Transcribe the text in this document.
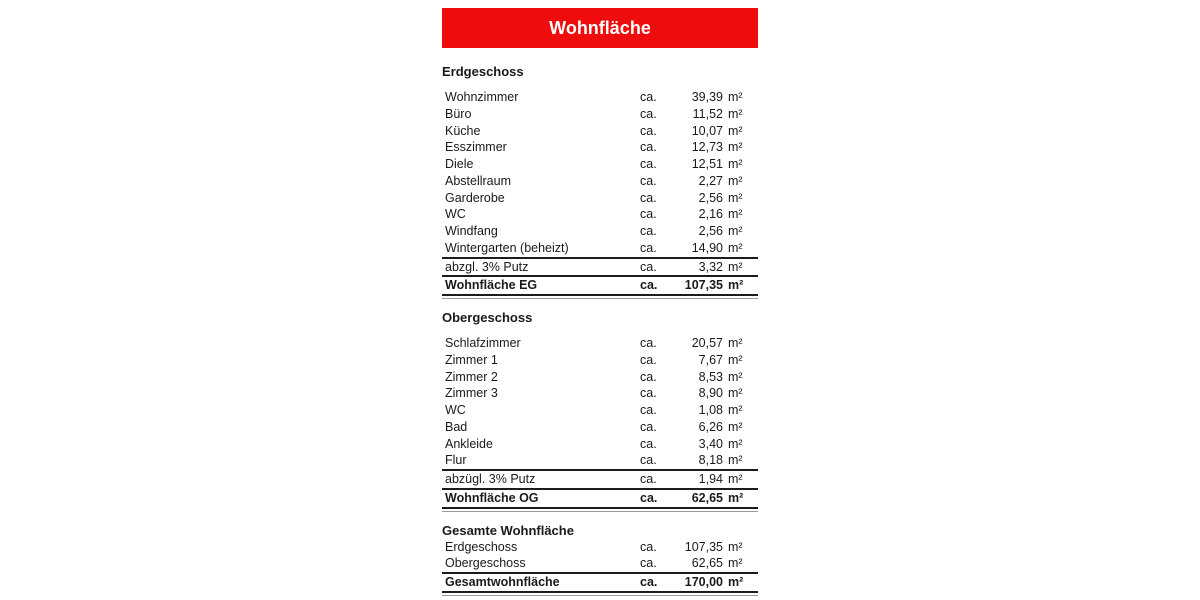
Wohnfläche
Erdgeschoss
Wohnzimmer	ca.	39,39 m²
Büro	ca.	11,52 m²
Küche	ca.	10,07 m²
Esszimmer	ca.	12,73 m²
Diele	ca.	12,51 m²
Abstellraum	ca.	2,27 m²
Garderobe	ca.	2,56 m²
WC	ca.	2,16 m²
Windfang	ca.	2,56 m²
Wintergarten (beheizt)	ca.	14,90 m²
abzgl. 3% Putz	ca.	3,32 m²
Wohnfläche EG	ca.	107,35 m²
Obergeschoss
Schlafzimmer	ca.	20,57 m²
Zimmer 1	ca.	7,67 m²
Zimmer 2	ca.	8,53 m²
Zimmer 3	ca.	8,90 m²
WC	ca.	1,08 m²
Bad	ca.	6,26 m²
Ankleide	ca.	3,40 m²
Flur	ca.	8,18 m²
abzügl. 3% Putz	ca.	1,94 m²
Wohnfläche OG	ca.	62,65 m²
Gesamte Wohnfläche
Erdgeschoss	ca.	107,35 m²
Obergeschoss	ca.	62,65 m²
Gesamtwohnfläche	ca.	170,00 m²
